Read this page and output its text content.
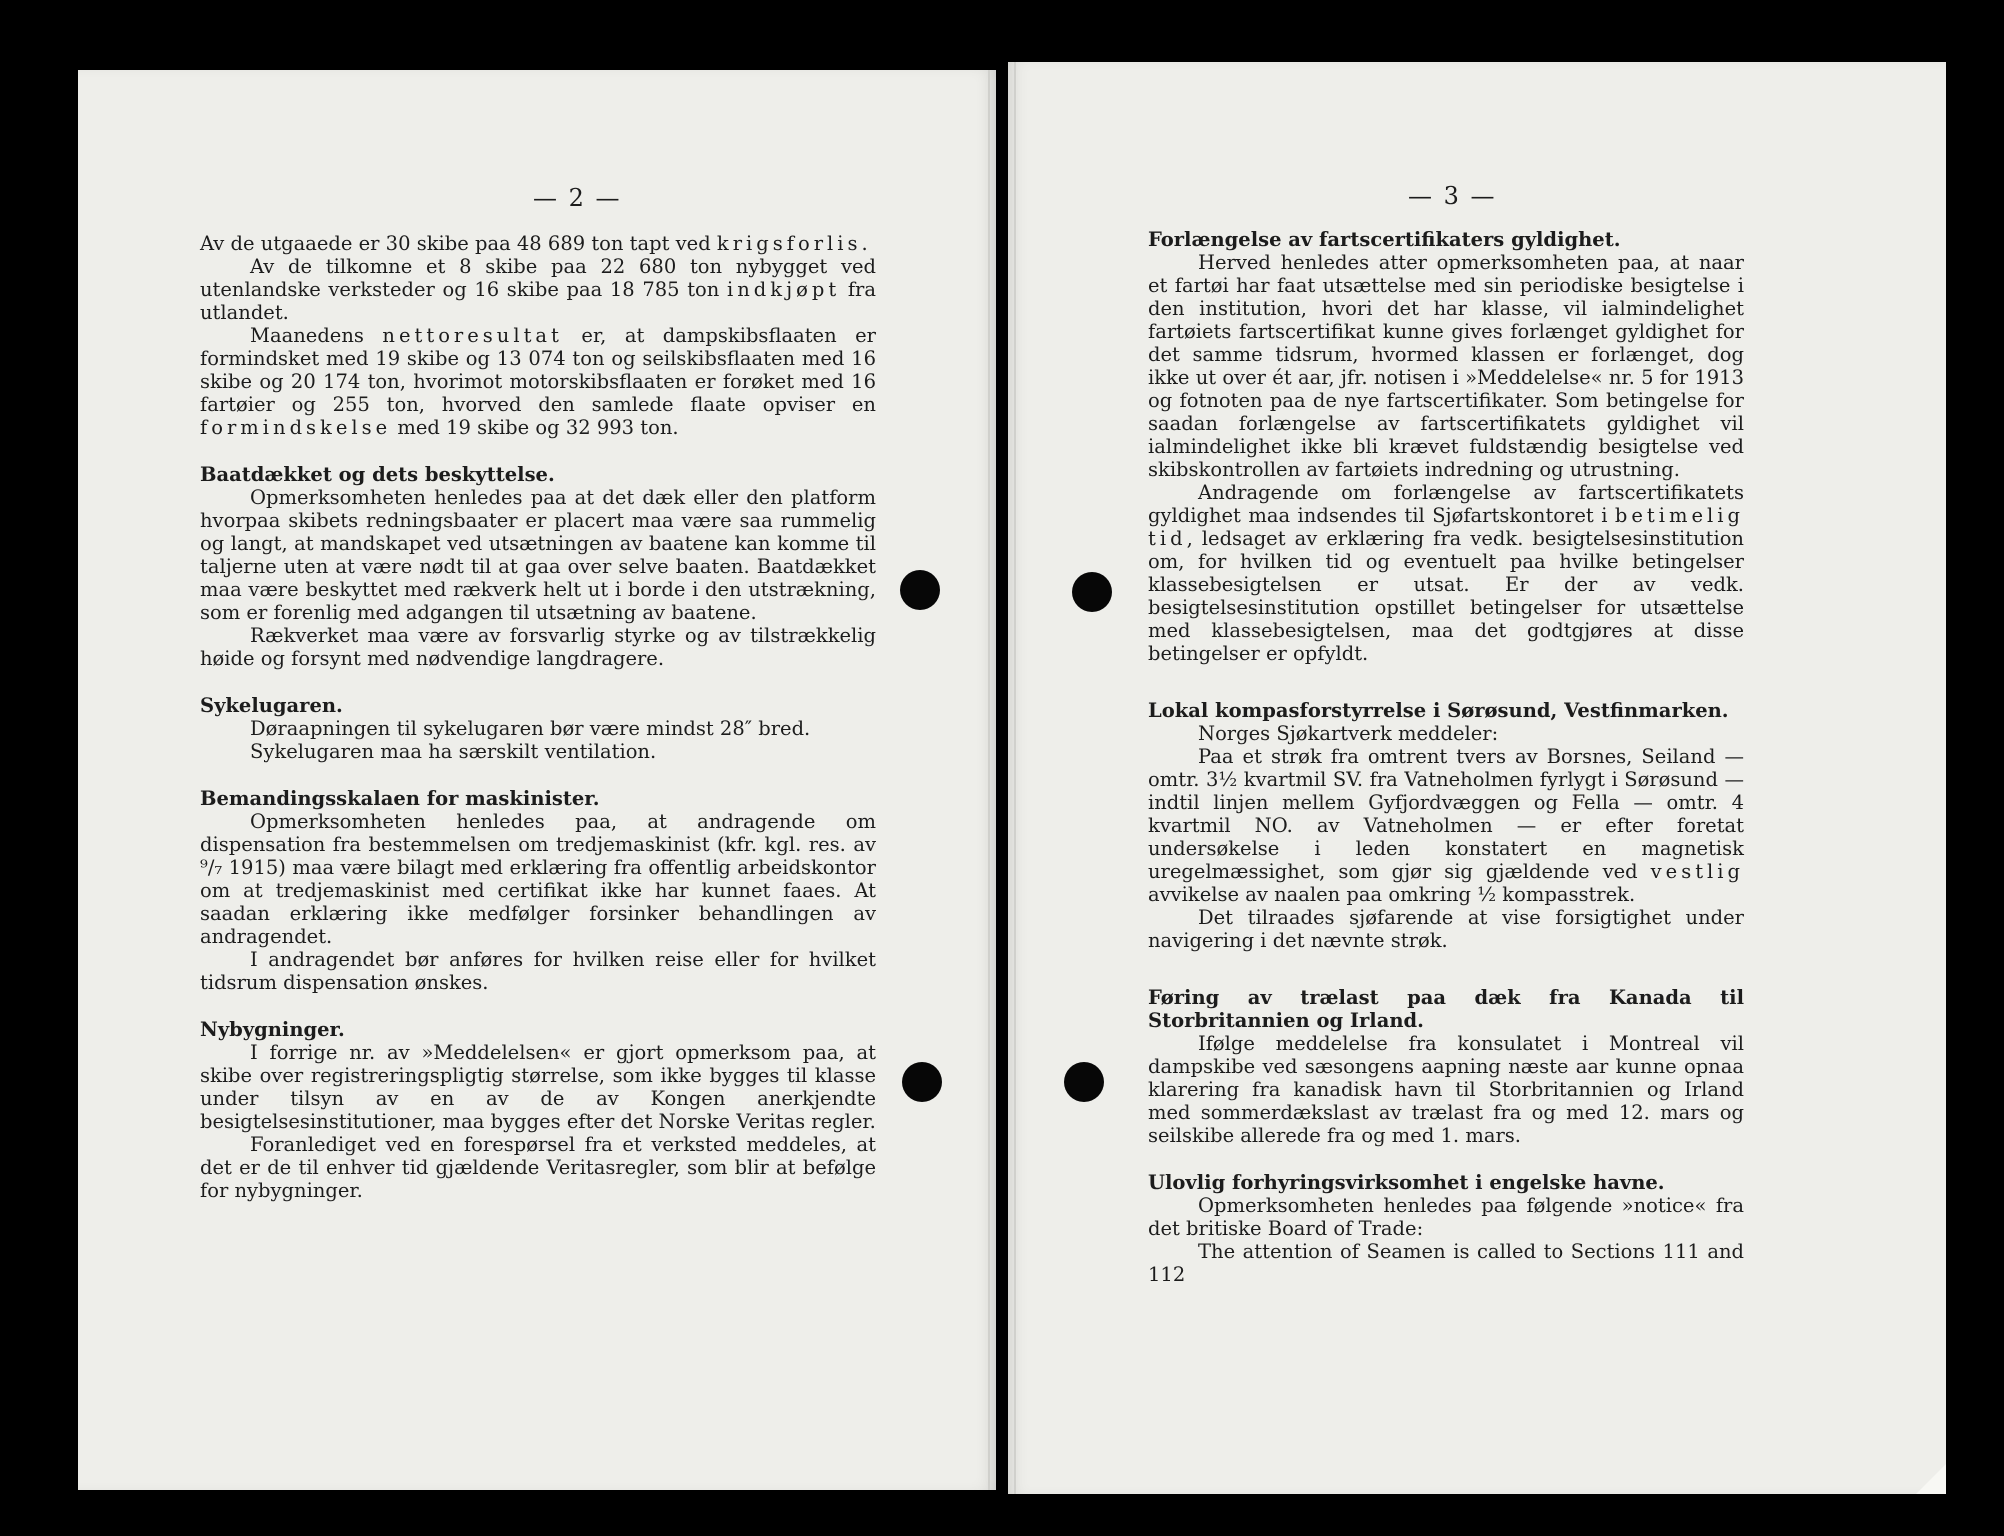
— 2 —	— 3 —

Av de utgaaede er 30 skibe paa 48 689 ton tapt ved krigsforlis.

Av de tilkomne et 8 skibe paa 22 680 ton nybygget ved utenlandske verksteder og 16 skibe paa 18 785 ton indkjøpt fra utlandet.

Maanedens nettoresultat er, at dampskibsflaaten er formindsket med 19 skibe og 13 074 ton og seilskibsflaaten med 16 skibe og 20 174 ton, hvorimot motorskibsflaaten er forøket med 16 fartøier og 255 ton, hvorved den samlede flaate opviser en formindskelse med 19 skibe og 32 993 ton.

Baatdækket og dets beskyttelse.

Opmerksomheten henledes paa at det dæk eller den platform hvorpaa skibets redningsbaater er placert maa være saa rummelig og langt, at mandskapet ved utsætningen av baatene kan komme til taljerne uten at være nødt til at gaa over selve baaten. Baatdækket maa være beskyttet med rækverk helt ut i borde i den utstrækning, som er forenlig med adgangen til utsætning av baatene.

Rækverket maa være av forsvarlig styrke og av tilstrækkelig høide og forsynt med nødvendige langdragere.

Sykelugaren.

Døraapningen til sykelugaren bør være mindst 28″ bred.

Sykelugaren maa ha særskilt ventilation.

Bemandingsskalaen for maskinister.

Opmerksomheten henledes paa, at andragende om dispensation fra bestemmelsen om tredjemaskinist (kfr. kgl. res. av ⁹/₇ 1915) maa være bilagt med erklæring fra offentlig arbeidskontor om at tredjemaskinist med certifikat ikke har kunnet faaes. At saadan erklæring ikke medfølger forsinker behandlingen av andragendet.

I andragendet bør anføres for hvilken reise eller for hvilket tidsrum dispensation ønskes.

Nybygninger.

I forrige nr. av »Meddelelsen« er gjort opmerksom paa, at skibe over registreringspligtig størrelse, som ikke bygges til klasse under tilsyn av en av de av Kongen anerkjendte besigtelsesinstitutioner, maa bygges efter det Norske Veritas regler.

Foranlediget ved en forespørsel fra et verksted meddeles, at det er de til enhver tid gjældende Veritasregler, som blir at befølge for nybygninger.

Forlængelse av fartscertifikaters gyldighet.

Herved henledes atter opmerksomheten paa, at naar et fartøi har faat utsættelse med sin periodiske besigtelse i den institution, hvori det har klasse, vil ialmindelighet fartøiets fartscertifikat kunne gives forlænget gyldighet for det samme tidsrum, hvormed klassen er forlænget, dog ikke ut over ét aar, jfr. notisen i »Meddelelse« nr. 5 for 1913 og fotnoten paa de nye fartscertifikater. Som betingelse for saadan forlængelse av fartscertifikatets gyldighet vil ialmindelighet ikke bli krævet fuldstændig besigtelse ved skibskontrollen av fartøiets indredning og utrustning.

Andragende om forlængelse av fartscertifikatets gyldighet maa indsendes til Sjøfartskontoret i betimelig tid, ledsaget av erklæring fra vedk. besigtelsesinstitution om, for hvilken tid og eventuelt paa hvilke betingelser klassebesigtelsen er utsat. Er der av vedk. besigtelsesinstitution opstillet betingelser for utsættelse med klassebesigtelsen, maa det godtgjøres at disse betingelser er opfyldt.

Lokal kompasforstyrrelse i Sørøsund, Vestfinmarken.

Norges Sjøkartverk meddeler:

Paa et strøk fra omtrent tvers av Borsnes, Seiland — omtr. 3½ kvartmil SV. fra Vatneholmen fyrlygt i Sørøsund — indtil linjen mellem Gyfjordvæggen og Fella — omtr. 4 kvartmil NO. av Vatneholmen — er efter foretat undersøkelse i leden konstatert en magnetisk uregelmæssighet, som gjør sig gjældende ved vestlig avvikelse av naalen paa omkring ½ kompasstrek.

Det tilraades sjøfarende at vise forsigtighet under navigering i det nævnte strøk.

Føring av trælast paa dæk fra Kanada til Storbritannien og Irland.

Ifølge meddelelse fra konsulatet i Montreal vil dampskibe ved sæsongens aapning næste aar kunne opnaa klarering fra kanadisk havn til Storbritannien og Irland med sommerdækslast av trælast fra og med 12. mars og seilskibe allerede fra og med 1. mars.

Ulovlig forhyringsvirksomhet i engelske havne.

Opmerksomheten henledes paa følgende »notice« fra det britiske Board of Trade:

The attention of Seamen is called to Sections 111 and 112
